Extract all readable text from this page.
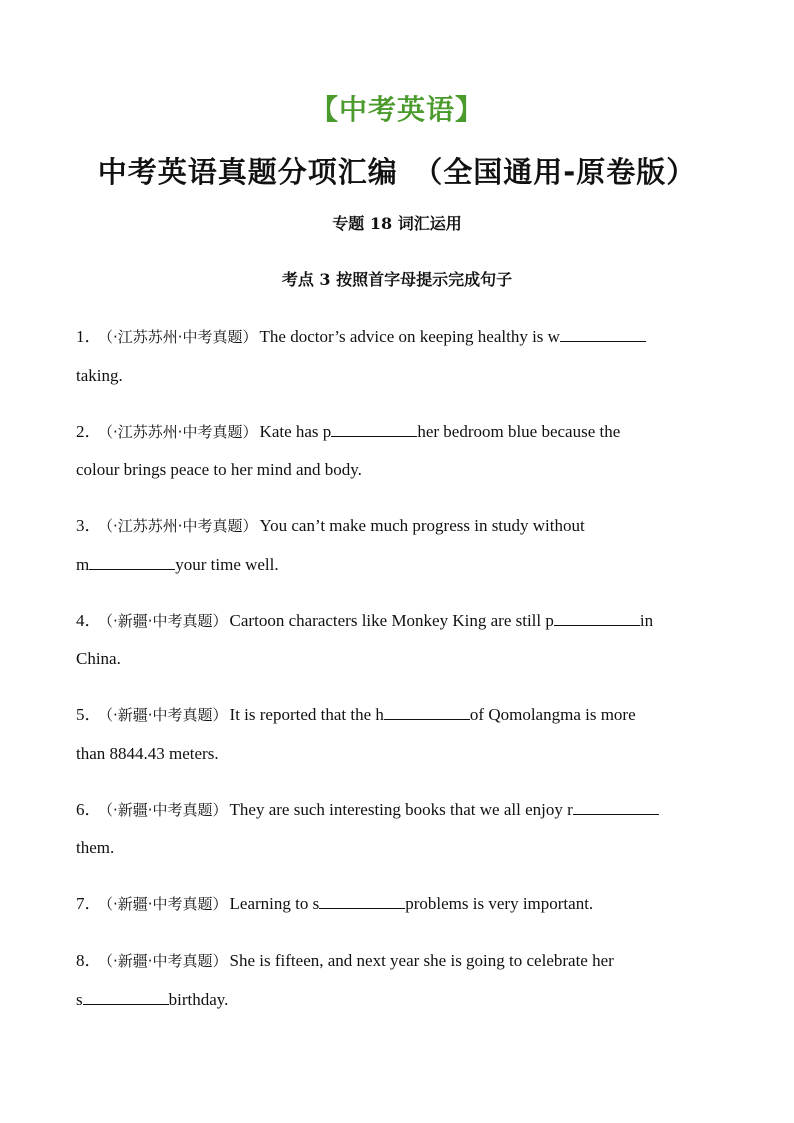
【中考英语】
中考英语真题分项汇编　（全国通用-原卷版）
专题 18 词汇运用
考点 3 按照首字母提示完成句子
1． （·江苏苏州·中考真题） The doctor’s advice on keeping healthy is w
taking.
2． （·江苏苏州·中考真题） Kate has p	her bedroom blue because the
colour brings peace to her mind and body.
3． （·江苏苏州·中考真题） You can’t make much progress in study without
m	your time well.
4． （·新疆·中考真题） Cartoon characters like Monkey King are still p	in
China.
5． （·新疆·中考真题） It is reported that the h	of Qomolangma is more
than 8844.43 meters.
6． （·新疆·中考真题） They are such interesting books that we all enjoy r
them.
7． （·新疆·中考真题） Learning to s	problems is very important.
8． （·新疆·中考真题） She is fifteen, and next year she is going to celebrate her
s	birthday.
